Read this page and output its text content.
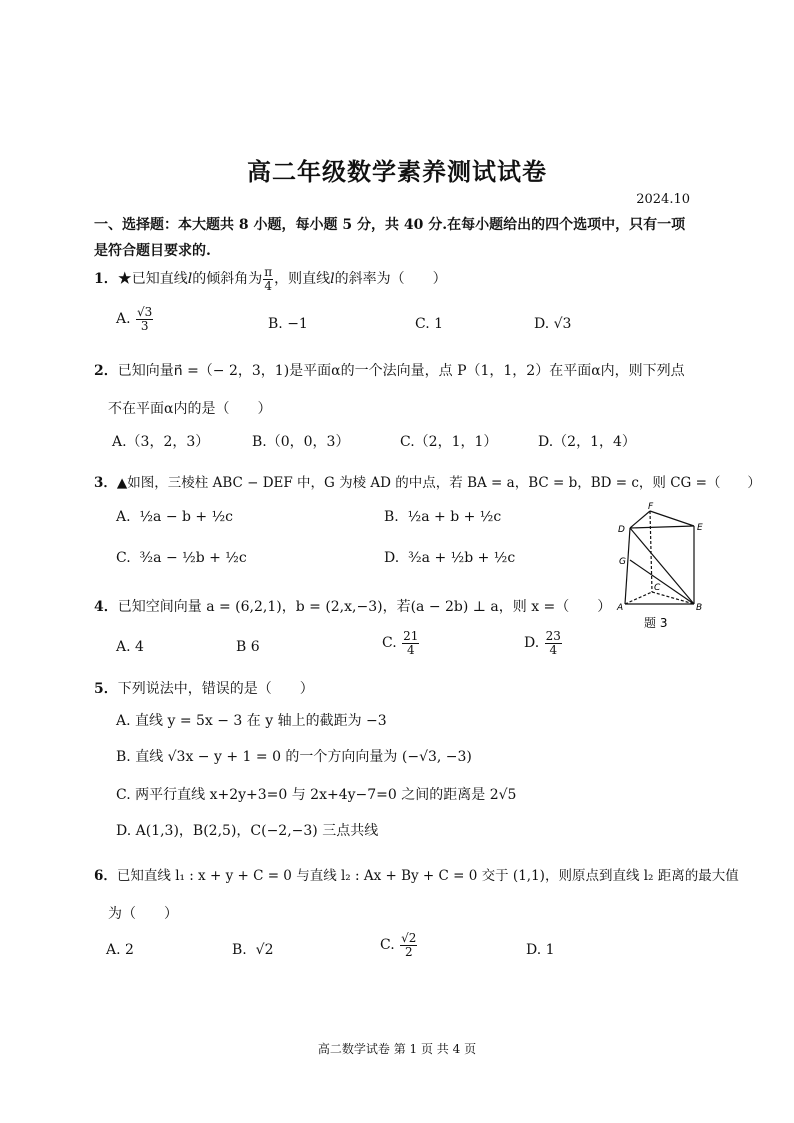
高二年级数学素养测试试卷
2024.10
一、选择题：本大题共 8 小题，每小题 5 分，共 40 分.在每小题给出的四个选项中，只有一项
是符合题目要求的.
1．★已知直线l的倾斜角为 $\frac{\pi}{4}$ ，则直线l的斜率为（　　）
A. $\frac{√3}{3}$	B. −1	C. 1	D. √3
2．已知向量n⃗ =（− 2，3，1)是平面α的一个法向量，点 P（1，1，2）在平面α内，则下列点
不在平面α内的是（　　）
A.（3，2，3）	B.（0，0，3）	C.（2，1，1）	D.（2，1，4）
3．▲如图，三棱柱 ABC − DEF 中，G 为棱 AD 的中点，若 BA = a，BC = b，BD = c，则 CG =（　　）
A. ½a − b + ½c	B. ½a + b + ½c
C. ³⁄₂a − ½b + ½c	D. ³⁄₂a + ½b + ½c
D
F
E
G
C
A	B
题 3
4．已知空间向量 a = (6,2,1)，b = (2,x,−3)，若(a − 2b) ⊥ a，则 x =（　　）
A. 4	B 6	C. $\frac{21}{4}$	D. $\frac{23}{4}$
5．下列说法中，错误的是（　　）
A. 直线 y = 5x − 3 在 y 轴上的截距为 −3
B. 直线 √3x − y + 1 = 0 的一个方向向量为 (−√3, −3)
C. 两平行直线 x+2y+3=0 与 2x+4y−7=0 之间的距离是 2√5
D. A(1,3)，B(2,5)，C(−2,−3) 三点共线
6．已知直线 l₁ : x + y + C = 0 与直线 l₂ : Ax + By + C = 0 交于 (1,1)，则原点到直线 l₂ 距离的最大值
为（　　）
A. 2	B. √2	C. $\frac{√2}{2}$	D. 1
高二数学试卷 第 1 页 共 4 页
